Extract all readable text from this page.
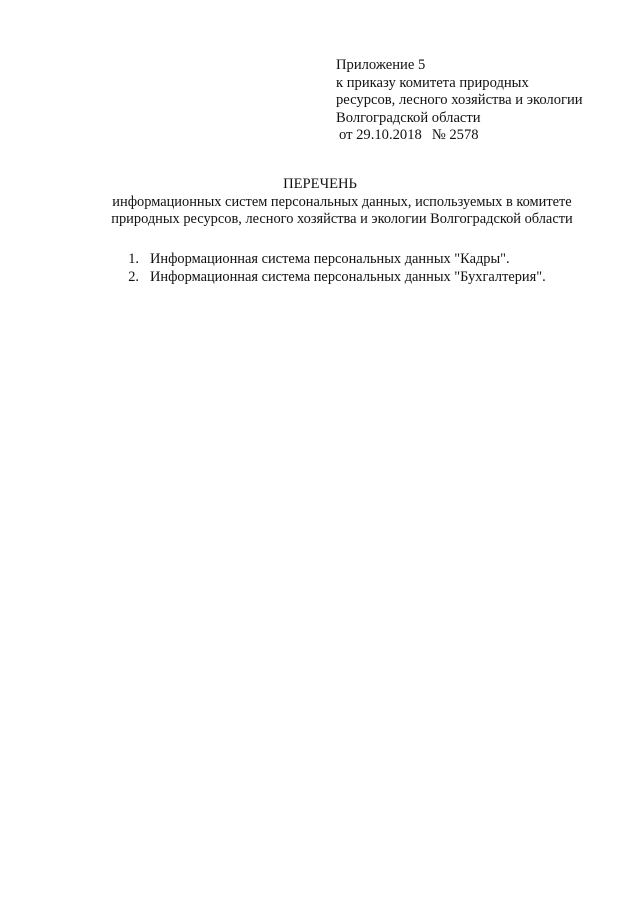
Приложение 5
к приказу комитета природных
ресурсов, лесного хозяйства и экологии
Волгоградской области
от 29.10.2018 № 2578
ПЕРЕЧЕНЬ
информационных систем персональных данных, используемых в комитете
природных ресурсов, лесного хозяйства и экологии Волгоградской области
1. Информационная система персональных данных "Кадры".
2. Информационная система персональных данных "Бухгалтерия".
